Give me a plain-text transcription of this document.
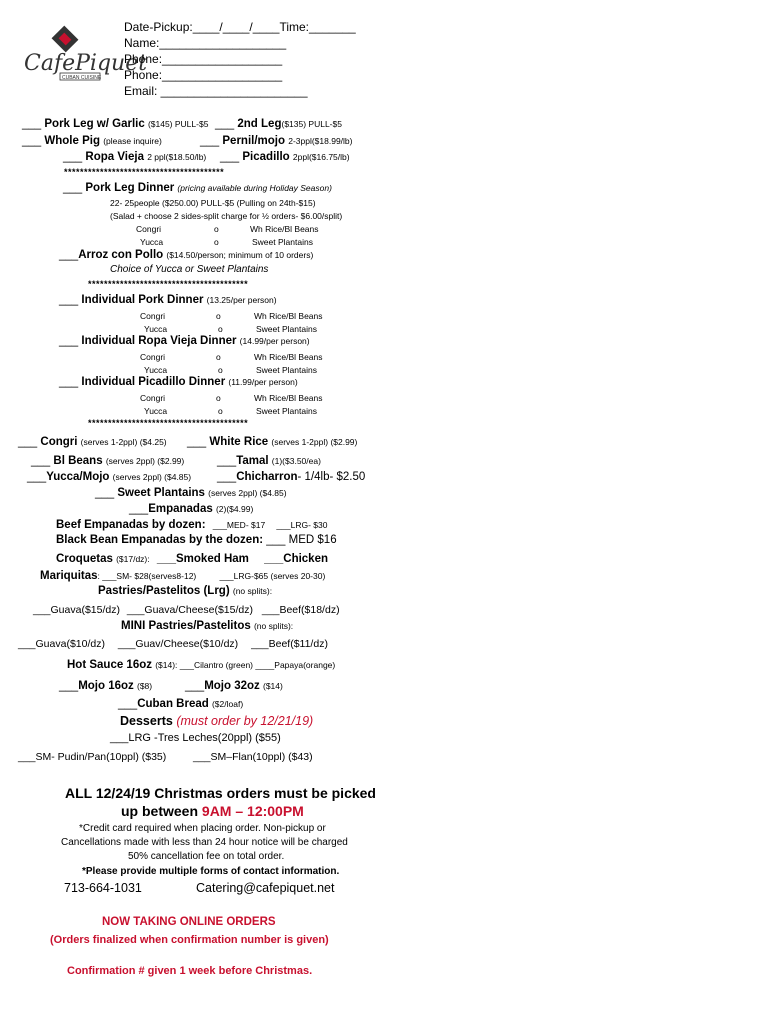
CafePiquet
CUBAN CUISINE
Date-Pickup:____/____/____Time:_______
Name:___________________
Phone:__________________
Phone:__________________
Email: ______________________
___ Pork Leg w/ Garlic ($145) PULL-$5 ___ 2nd Leg($135) PULL-$5
___ Whole Pig (please inquire)	___ Pernil/mojo 2-3ppl($18.99/lb)
___ Ropa Vieja 2 ppl($18.50/lb) ___ Picadillo 2ppl($16.75/lb)
****************************************
___ Pork Leg Dinner (pricing available during Holiday Season)
22- 25people ($250.00) PULL-$5 (Pulling on 24th-$15)
(Salad + choose 2 sides-split charge for ½ orders- $6.00/split)
Congri	o	Wh Rice/Bl Beans
Yucca	o	Sweet Plantains
___Arroz con Pollo ($14.50/person; minimum of 10 orders)
Choice of Yucca or Sweet Plantains
****************************************
___ Individual Pork Dinner (13.25/per person)
Congri	o	Wh Rice/Bl Beans
Yucca	o	Sweet Plantains
___ Individual Ropa Vieja Dinner (14.99/per person)
Congri	o	Wh Rice/Bl Beans
Yucca	o	Sweet Plantains
___ Individual Picadillo Dinner (11.99/per person)
Congri	o	Wh Rice/Bl Beans
Yucca	o	Sweet Plantains
****************************************
___ Congri (serves 1-2ppl) ($4.25) ___ White Rice (serves 1-2ppl) ($2.99)
___ Bl Beans (serves 2ppl) ($2.99)	___Tamal (1)($3.50/ea)
___Yucca/Mojo (serves 2ppl) ($4.85) ___Chicharron- 1/4lb- $2.50
___ Sweet Plantains (serves 2ppl) ($4.85)
___Empanadas (2)($4.99)
Beef Empanadas by dozen: ___MED- $17 ___LRG- $30
Black Bean Empanadas by the dozen: ___ MED $16
Croquetas ($17/dz): ___Smoked Ham ___Chicken
Mariquitas: ___SM- $28(serves8-12)	___LRG-$65 (serves 20-30)
Pastries/Pastelitos (Lrg) (no splits):
___Guava($15/dz) ___Guava/Cheese($15/dz) ___Beef($18/dz)
MINI Pastries/Pastelitos (no splits):
___Guava($10/dz) ___Guav/Cheese($10/dz) ___Beef($11/dz)
Hot Sauce 16oz ($14): ___Cilantro (green) ____Papaya(orange)
___Mojo 16oz ($8)	___Mojo 32oz ($14)
___Cuban Bread ($2/loaf)
Desserts (must order by 12/21/19)
___LRG -Tres Leches(20ppl) ($55)
___SM- Pudin/Pan(10ppl) ($35)	___SM–Flan(10ppl) ($43)
ALL 12/24/19 Christmas orders must be picked
up between 9AM – 12:00PM
*Credit card required when placing order. Non-pickup or
Cancellations made with less than 24 hour notice will be charged
50% cancellation fee on total order.
*Please provide multiple forms of contact information.
713-664-1031	Catering@cafepiquet.net
NOW TAKING ONLINE ORDERS
(Orders finalized when confirmation number is given)
Confirmation # given 1 week before Christmas.
